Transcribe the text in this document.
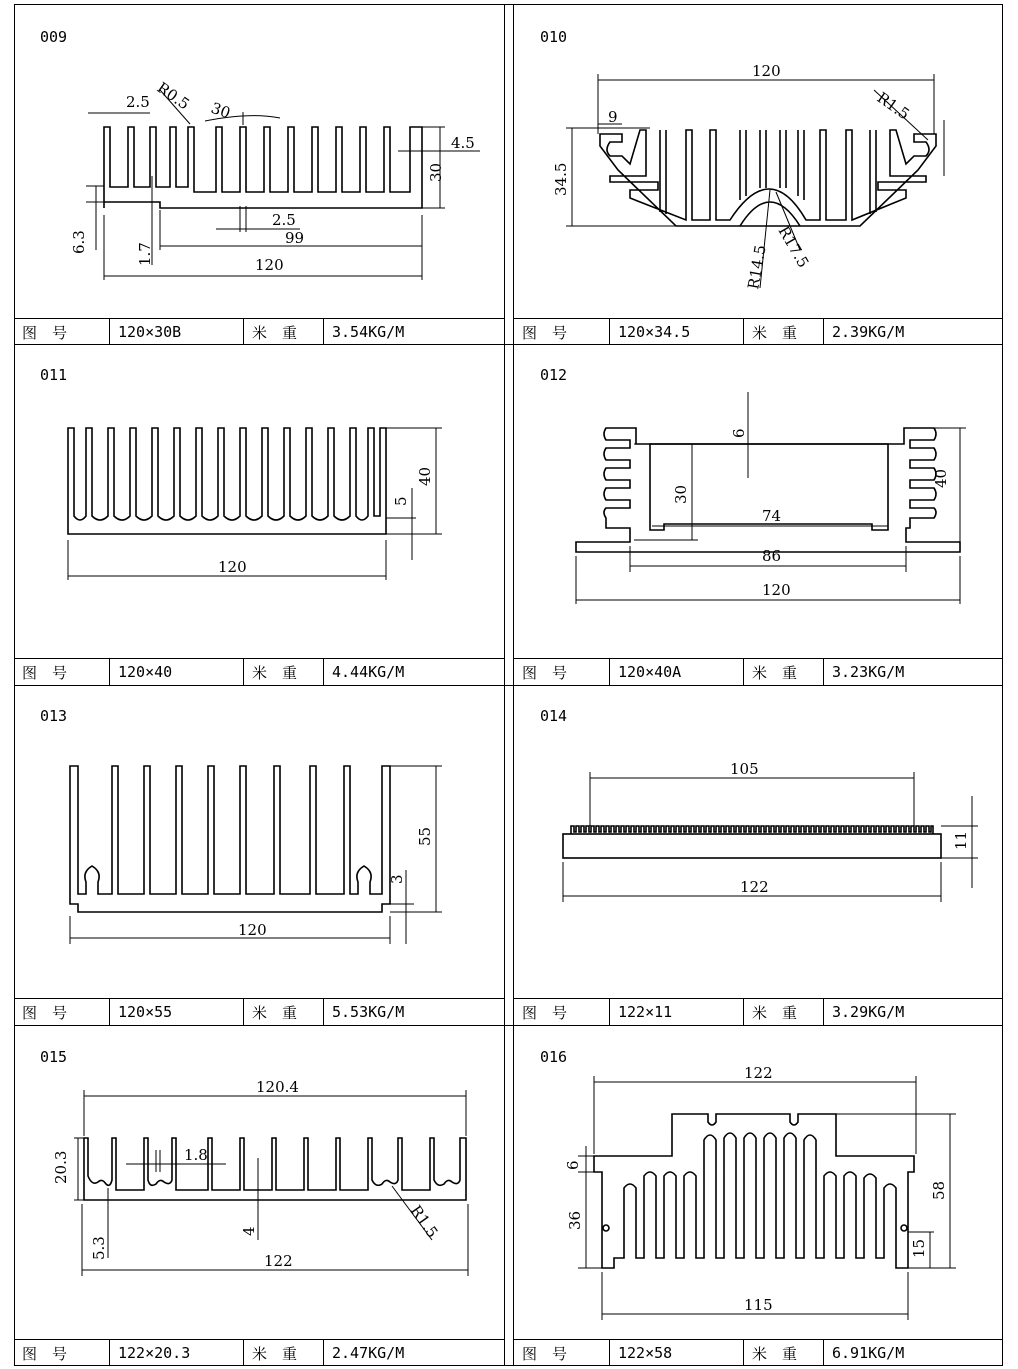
009
2.5 R0.5 30
4.5
30
6.3
1.7
2.5
99
120
图　号	120×30B	米　重	3.54KG/M
010
120
9	R1.5
34.5
R14.5 R17.5
图　号	120×34.5	米　重	2.39KG/M
011
40
5
120
图　号	120×40	米　重	4.44KG/M
012
6
30
40
74
86
120
图　号	120×40A	米　重	3.23KG/M
013
55
3
120
图　号	120×55	米　重	5.53KG/M
014
105
11
122
图　号	122×11	米　重	3.29KG/M
015
120.4
20.3	1.8
5.3
4	R1.5
122
图　号	122×20.3	米　重	2.47KG/M
016
122
6
58
36
15
115
图　号	122×58	米　重	6.91KG/M
